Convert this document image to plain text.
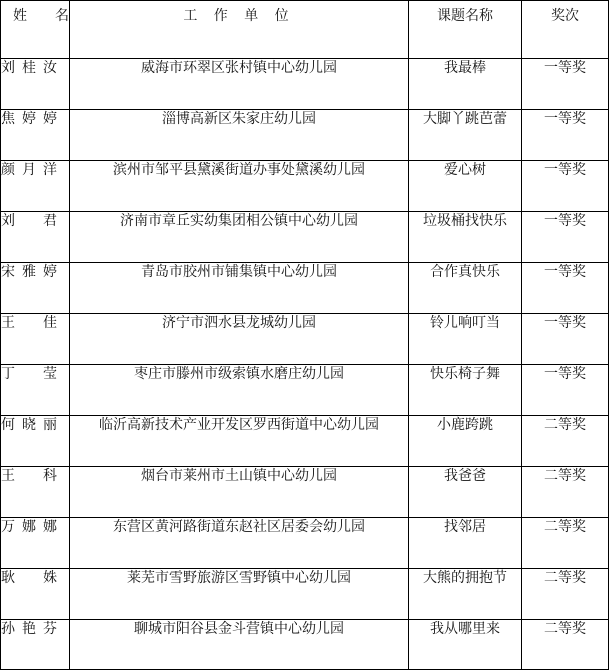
姓 名	工 作 单 位	课题名称	奖次

刘桂汝	威海市环翠区张村镇中心幼儿园	我最棒	一等奖

焦婷婷	淄博高新区朱家庄幼儿园	大脚丫跳芭蕾	一等奖

颜月洋	滨州市邹平县黛溪街道办事处黛溪幼儿园	爱心树	一等奖

刘 君	济南市章丘实幼集团相公镇中心幼儿园	垃圾桶找快乐	一等奖

宋雅婷	青岛市胶州市铺集镇中心幼儿园	合作真快乐	一等奖

王 佳	济宁市泗水县龙城幼儿园	铃儿响叮当	一等奖

丁 莹	枣庄市滕州市级索镇水磨庄幼儿园	快乐椅子舞	一等奖

何晓丽	临沂高新技术产业开发区罗西街道中心幼儿园	小鹿跨跳	二等奖

王 科	烟台市莱州市土山镇中心幼儿园	我爸爸	二等奖

万娜娜	东营区黄河路街道东赵社区居委会幼儿园	找邻居	二等奖

耿 姝	莱芜市雪野旅游区雪野镇中心幼儿园	大熊的拥抱节	二等奖

孙艳芬	聊城市阳谷县金斗营镇中心幼儿园	我从哪里来	二等奖
